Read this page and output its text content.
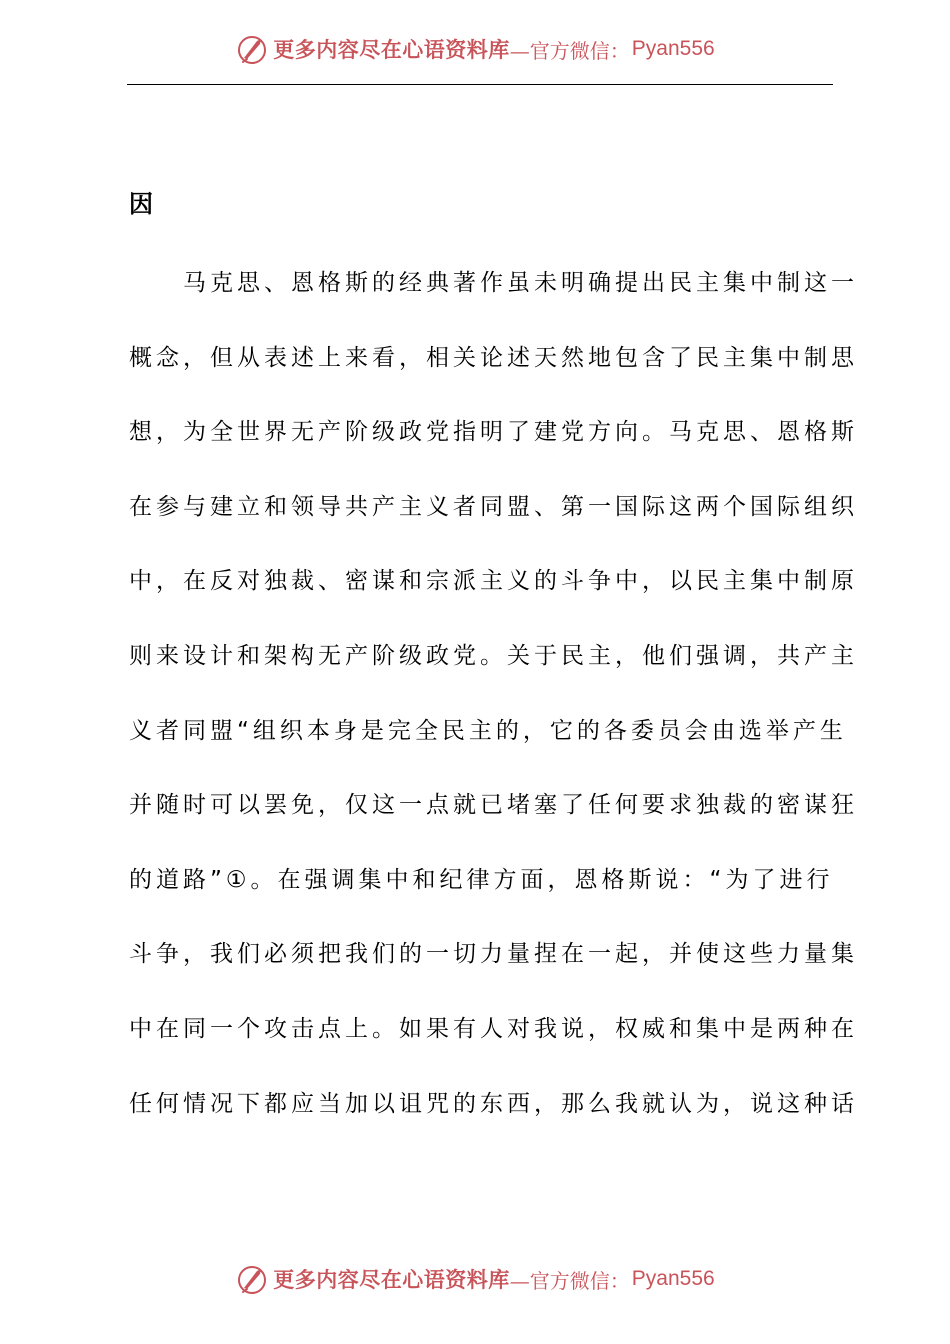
更多内容尽在心语资料库 —官方微信： Pyan556
因
　　马克思、恩格斯的经典著作虽未明确提出民主集中制这一
概念，但从表述上来看，相关论述天然地包含了民主集中制思
想，为全世界无产阶级政党指明了建党方向。马克思、恩格斯
在参与建立和领导共产主义者同盟、第一国际这两个国际组织
中，在反对独裁、密谋和宗派主义的斗争中，以民主集中制原
则来设计和架构无产阶级政党。关于民主，他们强调，共产主
义者同盟“组织本身是完全民主的，它的各委员会由选举产生
并随时可以罢免，仅这一点就已堵塞了任何要求独裁的密谋狂
的道路”①。在强调集中和纪律方面，恩格斯说：“为了进行
斗争，我们必须把我们的一切力量捏在一起，并使这些力量集
中在同一个攻击点上。如果有人对我说，权威和集中是两种在
任何情况下都应当加以诅咒的东西，那么我就认为，说这种话
更多内容尽在心语资料库 —官方微信： Pyan556
